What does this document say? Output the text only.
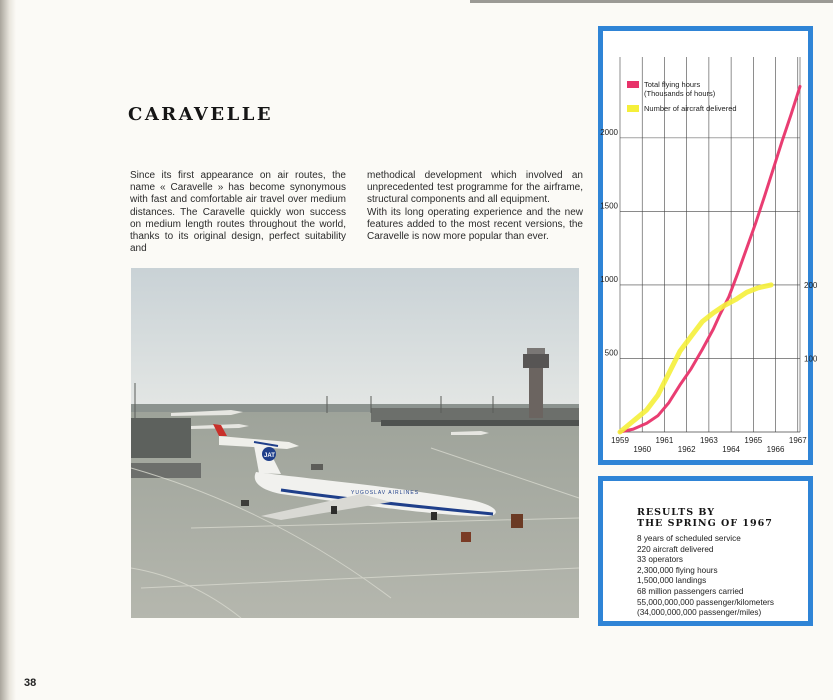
CARAVELLE

Since its first appearance on air routes, the name « Caravelle » has become synonymous with fast and comfortable air travel over medium distances. The Caravelle quickly won success on medium length routes throughout the world, thanks to its original design, perfect suitability and

methodical development which involved an unprecedented test programme for the airframe, structural components and all equipment.

With its long operating experience and the new features added to the most recent versions, the Caravelle is now more popular than ever.

JAT
YUGOSLAV AIRLINES
500
1000
1500
2000
100
200
1959	1961	1963	1965	1967
1960	1962	1964	1966
Total flying hours (Thousands of hours)
Number of aircraft delivered
RESULTS BY
THE SPRING OF 1967
8 years of scheduled service
220 aircraft delivered
33 operators
2,300,000 flying hours
1,500,000 landings
68 million passengers carried
55,000,000,000 passenger/kilometers
(34,000,000,000 passenger/miles)
38
